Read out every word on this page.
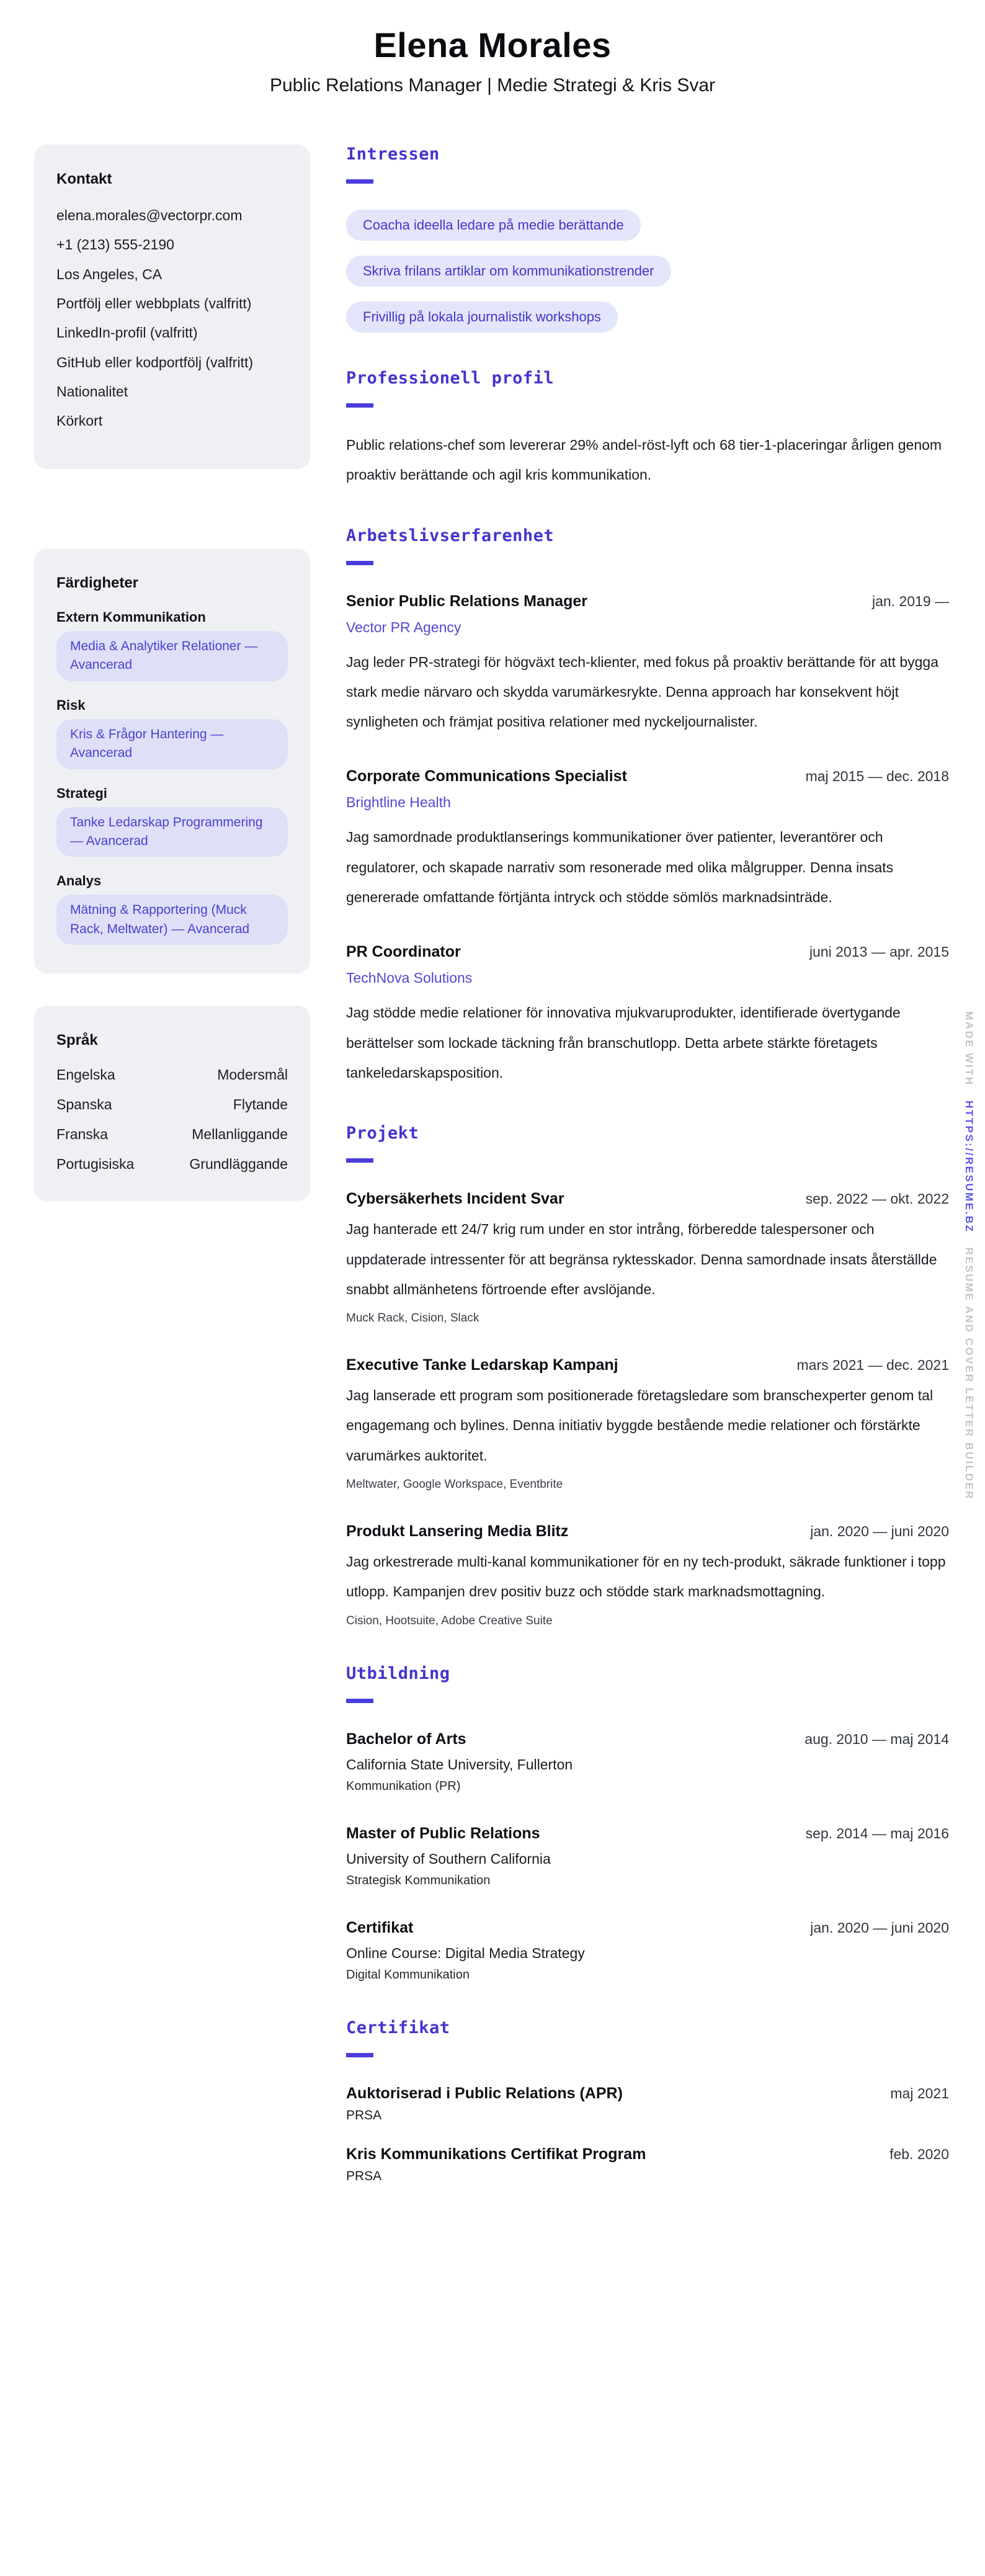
Elena Morales
Public Relations Manager | Medie Strategi & Kris Svar
Kontakt
elena.morales@vectorpr.com
+1 (213) 555-2190
Los Angeles, CA
Portfölj eller webbplats (valfritt)
LinkedIn-profil (valfritt)
GitHub eller kodportfölj (valfritt)
Nationalitet
Körkort
Färdigheter
Extern Kommunikation
Media & Analytiker Relationer — Avancerad
Risk
Kris & Frågor Hantering — Avancerad
Strategi
Tanke Ledarskap Programmering — Avancerad
Analys
Mätning & Rapportering (Muck Rack, Meltwater) — Avancerad
Språk
Engelska	Modersmål
Spanska	Flytande
Franska	Mellanliggande
Portugisiska	Grundläggande
Intressen
Coacha ideella ledare på medie berättande
Skriva frilans artiklar om kommunikationstrender
Frivillig på lokala journalistik workshops
Professionell profil

Public relations-chef som levererar 29% andel-röst-lyft och 68 tier-1-placeringar årligen genom proaktiv berättande och agil kris kommunikation.

Arbetslivserfarenhet
Senior Public Relations Manager	jan. 2019 —
Vector PR Agency

Jag leder PR-strategi för högväxt tech-klienter, med fokus på proaktiv berättande för att bygga stark medie närvaro och skydda varumärkesrykte. Denna approach har konsekvent höjt synligheten och främjat positiva relationer med nyckeljournalister.

Corporate Communications Specialist	maj 2015 — dec. 2018
Brightline Health

Jag samordnade produktlanserings kommunikationer över patienter, leverantörer och regulatorer, och skapade narrativ som resonerade med olika målgrupper. Denna insats genererade omfattande förtjänta intryck och stödde sömlös marknadsinträde.

PR Coordinator	juni 2013 — apr. 2015
TechNova Solutions

Jag stödde medie relationer för innovativa mjukvaruprodukter, identifierade övertygande berättelser som lockade täckning från branschutlopp. Detta arbete stärkte företagets tankeledarskapsposition.

Projekt
Cybersäkerhets Incident Svar	sep. 2022 — okt. 2022

Jag hanterade ett 24/7 krig rum under en stor intrång, förberedde talespersoner och uppdaterade intressenter för att begränsa ryktesskador. Denna samordnade insats återställde snabbt allmänhetens förtroende efter avslöjande.

Muck Rack, Cision, Slack
Executive Tanke Ledarskap Kampanj	mars 2021 — dec. 2021

Jag lanserade ett program som positionerade företagsledare som branschexperter genom tal engagemang och bylines. Denna initiativ byggde bestående medie relationer och förstärkte varumärkes auktoritet.

Meltwater, Google Workspace, Eventbrite
Produkt Lansering Media Blitz	jan. 2020 — juni 2020

Jag orkestrerade multi-kanal kommunikationer för en ny tech-produkt, säkrade funktioner i topp utlopp. Kampanjen drev positiv buzz och stödde stark marknadsmottagning.

Cision, Hootsuite, Adobe Creative Suite
Utbildning
Bachelor of Arts	aug. 2010 — maj 2014
California State University, Fullerton
Kommunikation (PR)
Master of Public Relations	sep. 2014 — maj 2016
University of Southern California
Strategisk Kommunikation
Certifikat	jan. 2020 — juni 2020
Online Course: Digital Media Strategy
Digital Kommunikation
Certifikat
Auktoriserad i Public Relations (APR)	maj 2021
PRSA
Kris Kommunikations Certifikat Program	feb. 2020
PRSA
MADE WITH HTTPS://RESUME.BZ RESUME AND COVER LETTER BUILDER
